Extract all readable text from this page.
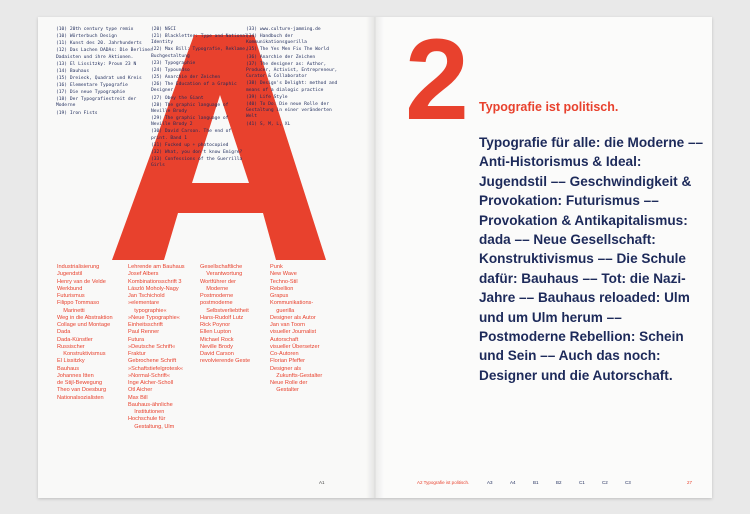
(10) 20th century type remix
(10) Wörterbuch Design
(11) Kunst des 20. Jahrhunderts
(12) Das Lachen DADAs: Die Berliner Dadaisten und ihre Aktionen.
(13) El Lissitzky: Proun 23 N
(14) Bauhaus
(15) Dreieck, Quadrat und Kreis
(16) Elementare Typografie
(17) Die neue Typographie
(18) Der Typografiestreit der Moderne
(19) Iron Fists
(20) NSCI
(21) Blackletter: Type and National Identity
(22) Max Bill: Typografie, Reklame, Buchgestaltung
(23) Typographie
(24) Typoundso
(25) Anarchie der Zeichen
(26) The Education of a Graphic Designer
(27) Obey the Giant
(28) The graphic language of Neville Brody
(29) The graphic language of Neville Brody 2
(30) David Carson. The end of print. Band 1
(31) Fucked up + photocopied
(32) What, you don't know Emigre?
(33) Confessions of the Guerrilla Girls
(33) www.culture-jamming.de
(34) Handbuch der Kommunikationsguerilla
(35) The Yes Men Fix The World
(36) Anarchie der Zeichen
(37) The designer as: Author, Producer, Activist, Entrepreneur, Curator & Collaborator
(38) Design's Delight: method and means of a dialogic practice
(39) Life Style
(40) To Do: Die neue Rolle der Gestaltung in einer veränderten Welt
(41) S, M, L, XL
Industrialisierung
Jugendstil
Henry van de Velde
Werkbund
Futurismus
Filippo Tommaso
Marinetti
Weg in die Abstraktion
Collage und Montage
Dada
Dada-Künstler
Russischer
Konstruktivismus
El Lissitzky
Bauhaus
Johannes Itten
de Stijl-Bewegung
Theo van Doesburg
Nationalsozialisten
Lehrende am Bauhaus
Josef Albers
Kombinationsschrift 3
László Moholy-Nagy
Jan Tschichold
»elementare
typographie«
»Neue Typographie«
Einheitsschrift
Paul Renner
Futura
»Deutsche Schrift«
Fraktur
Gebrochene Schrift
»Schaftstiefelgrotesk«
»Normal-Schrift«
Inge Aicher-Scholl
Otl Aicher
Max Bill
Bauhaus-ähnliche
Institutionen
Hochschule für
Gestaltung, Ulm
Gesellschaftliche
Verantwortung
Wortführer der
Moderne
Postmoderne
postmoderne
Selbstverliebtheit
Hans-Rudolf Lutz
Rick Poynor
Ellen Lupton
Michael Rock
Neville Brody
David Carson
revolvierende Geste
Punk
New Wave
Techno-Stil
Rebellion
Grapus
Kommunikations-
guerilla
Designer als Autor
Jan van Toorn
visueller Journalist
Autorschaft
visueller Übersetzer
Co-Autoren
Florian Pfeffer
Designer als
Zukunfts-Gestalter
Neue Rolle der
Gestalter
A1
2 Typografie ist politisch.
Typografie für alle: die Moderne –– Anti-Historismus & Ideal: Jugendstil –– Geschwindigkeit & Provokation: Futurismus –– Provokation & Antikapitalismus: dada –– Neue Gesellschaft: Konstruktivismus –– Die Schule dafür: Bauhaus –– Tot: die Nazi-Jahre –– Bauhaus reloaded: Ulm und um Ulm herum –– Postmoderne Rebellion: Schein und Sein –– Auch das noch: Designer und die Autorschaft.
A2 Typografie ist politisch.	A3	A4	B1	B2	C1	C2	C3	27
